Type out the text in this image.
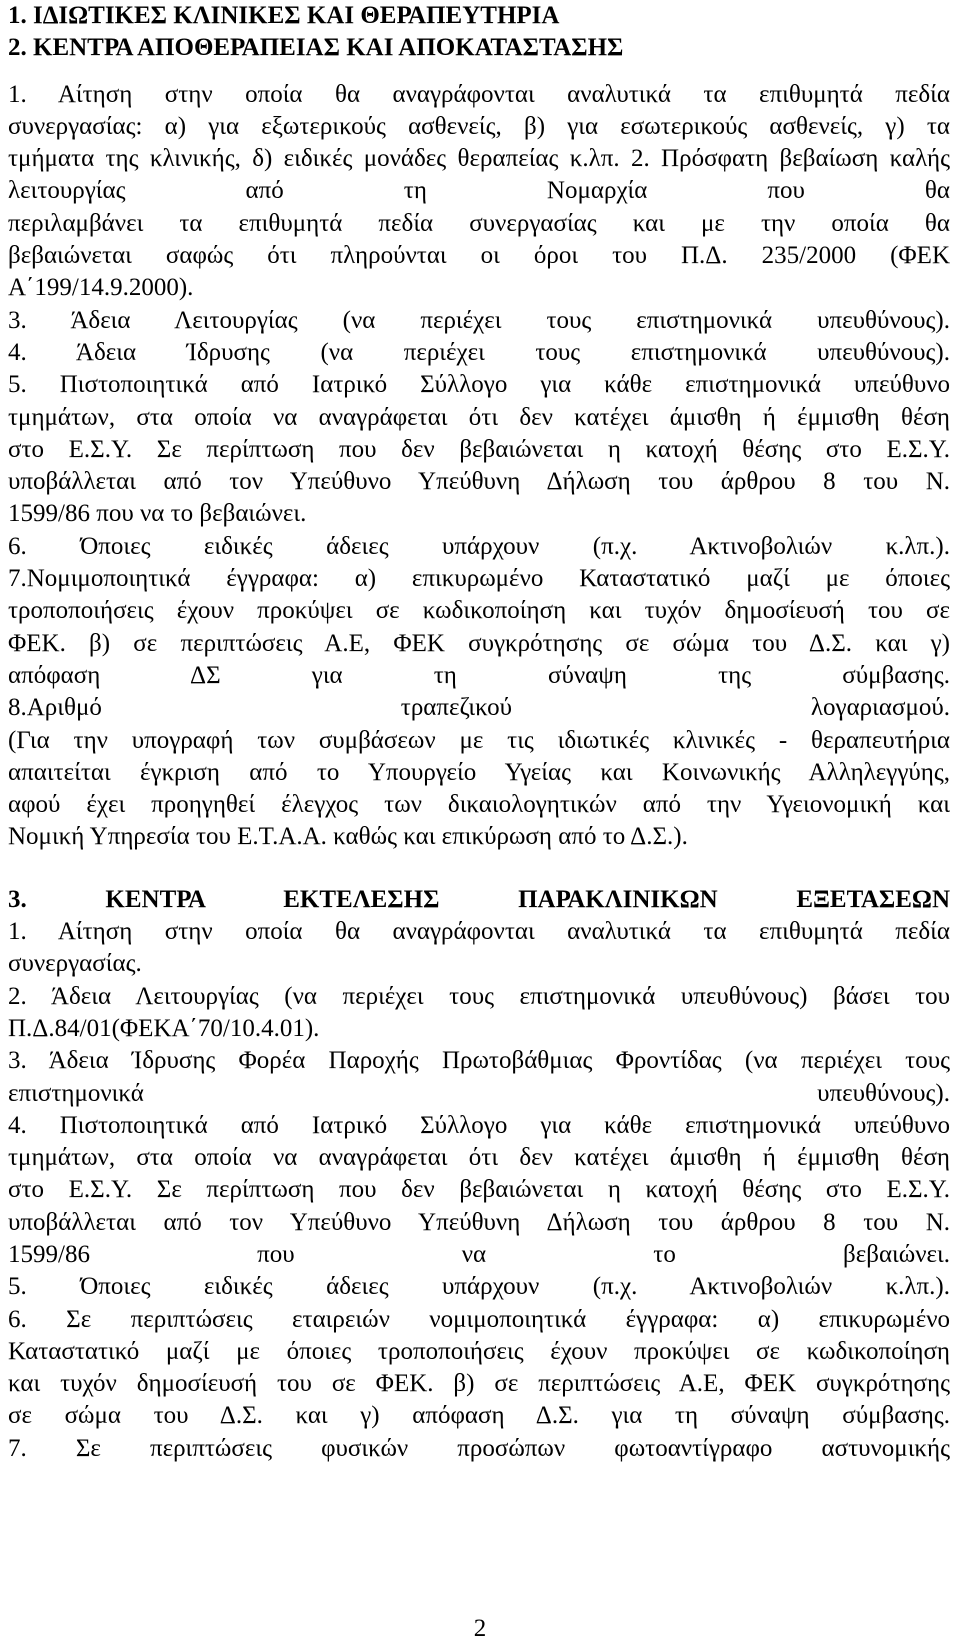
1. ΙΔΙΩΤΙΚΕΣ ΚΛΙΝΙΚΕΣ ΚΑΙ ΘΕΡΑΠΕΥΤΗΡΙΑ
2. ΚΕΝΤΡΑ ΑΠΟΘΕΡΑΠΕΙΑΣ ΚΑΙ ΑΠΟΚΑΤΑΣΤΑΣΗΣ
1. Αίτηση στην οποία θα αναγράφονται αναλυτικά τα επιθυμητά πεδία
συνεργασίας: α) για εξωτερικούς ασθενείς, β) για εσωτερικούς ασθενείς, γ) τα
τμήματα της κλινικής, δ) ειδικές μονάδες θεραπείας κ.λπ. 2. Πρόσφατη βεβαίωση καλής λειτουργίας από τη Νομαρχία που θα
περιλαμβάνει τα επιθυμητά πεδία συνεργασίας και με την οποία θα
βεβαιώνεται σαφώς ότι πληρούνται οι όροι του Π.Δ. 235/2000 (ΦΕΚ
Α΄199/14.9.2000).
3. Άδεια Λειτουργίας (να περιέχει τους επιστημονικά υπευθύνους).
4. Άδεια Ίδρυσης (να περιέχει τους επιστημονικά υπευθύνους).
5. Πιστοποιητικά από Ιατρικό Σύλλογο για κάθε επιστημονικά υπεύθυνο
τμημάτων, στα οποία να αναγράφεται ότι δεν κατέχει άμισθη ή έμμισθη θέση
στο Ε.Σ.Υ. Σε περίπτωση που δεν βεβαιώνεται η κατοχή θέσης στο Ε.Σ.Υ.
υποβάλλεται από τον Υπεύθυνο Υπεύθυνη Δήλωση του άρθρου 8 του Ν.
1599/86 που να το βεβαιώνει.
6. Όποιες ειδικές άδειες υπάρχουν (π.χ. Ακτινοβολιών κ.λπ.).
7.Νομιμοποιητικά έγγραφα: α) επικυρωμένο Καταστατικό μαζί με όποιες
τροποποιήσεις έχουν προκύψει σε κωδικοποίηση και τυχόν δημοσίευσή του σε
ΦΕΚ. β) σε περιπτώσεις Α.Ε, ΦΕΚ συγκρότησης σε σώμα του Δ.Σ. και γ)
απόφαση ΔΣ για τη σύναψη της σύμβασης.
8.Αριθμό τραπεζικού λογαριασμού.
(Για την υπογραφή των συμβάσεων με τις ιδιωτικές κλινικές - θεραπευτήρια
απαιτείται έγκριση από το Υπουργείο Υγείας και Κοινωνικής Αλληλεγγύης,
αφού έχει προηγηθεί έλεγχος των δικαιολογητικών από την Υγειονομική και
Νομική Υπηρεσία του Ε.Τ.Α.Α. καθώς και επικύρωση από το Δ.Σ.).
3. ΚΕΝΤΡΑ ΕΚΤΕΛΕΣΗΣ ΠΑΡΑΚΛΙΝΙΚΩΝ ΕΞΕΤΑΣΕΩΝ
1. Αίτηση στην οποία θα αναγράφονται αναλυτικά τα επιθυμητά πεδία
συνεργασίας.
2. Άδεια Λειτουργίας (να περιέχει τους επιστημονικά υπευθύνους) βάσει του
Π.Δ.84/01(ΦΕΚΑ΄70/10.4.01).
3. Άδεια Ίδρυσης Φορέα Παροχής Πρωτοβάθμιας Φροντίδας (να περιέχει τους
επιστημονικά υπευθύνους).
4. Πιστοποιητικά από Ιατρικό Σύλλογο για κάθε επιστημονικά υπεύθυνο
τμημάτων, στα οποία να αναγράφεται ότι δεν κατέχει άμισθη ή έμμισθη θέση
στο Ε.Σ.Υ. Σε περίπτωση που δεν βεβαιώνεται η κατοχή θέσης στο Ε.Σ.Υ.
υποβάλλεται από τον Υπεύθυνο Υπεύθυνη Δήλωση του άρθρου 8 του Ν.
1599/86 που να το βεβαιώνει.
5. Όποιες ειδικές άδειες υπάρχουν (π.χ. Ακτινοβολιών κ.λπ.).
6. Σε περιπτώσεις εταιρειών νομιμοποιητικά έγγραφα: α) επικυρωμένο
Καταστατικό μαζί με όποιες τροποποιήσεις έχουν προκύψει σε κωδικοποίηση
και τυχόν δημοσίευσή του σε ΦΕΚ. β) σε περιπτώσεις Α.Ε, ΦΕΚ συγκρότησης
σε σώμα του Δ.Σ. και γ) απόφαση Δ.Σ. για τη σύναψη σύμβασης.
7. Σε περιπτώσεις φυσικών προσώπων φωτοαντίγραφο αστυνομικής
2
